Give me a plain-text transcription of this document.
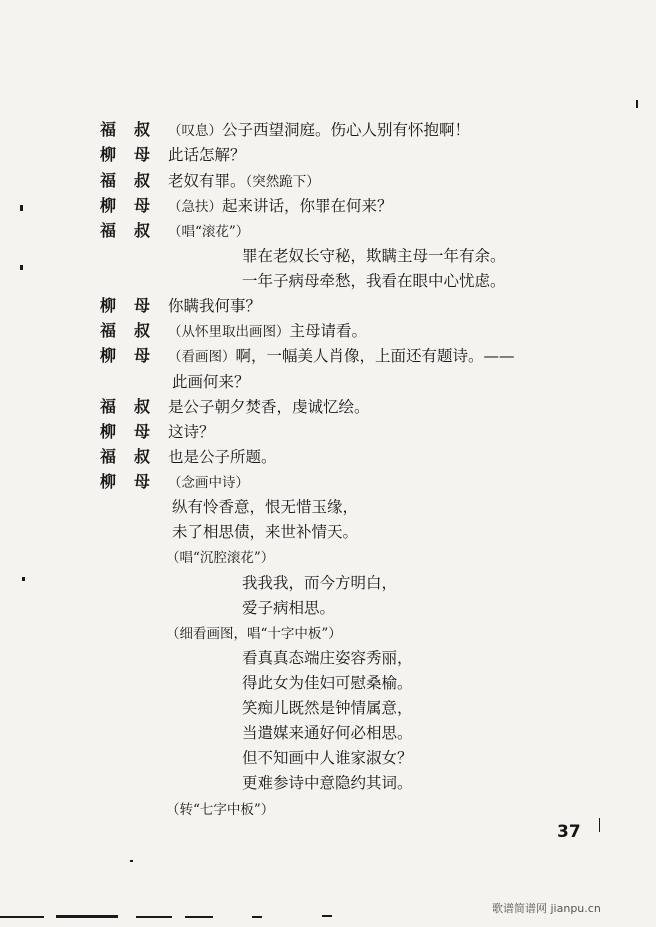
福 叔 （叹息）公子西望洞庭。伤心人别有怀抱啊！
柳 母 此话怎解？
福 叔 老奴有罪。（突然跪下）
柳 母 （急扶）起来讲话，你罪在何来？
福 叔 （唱“滚花”）
罪在老奴长守秘，欺瞒主母一年有余。
一年子病母牵愁，我看在眼中心忧虑。
柳 母 你瞒我何事？
福 叔 （从怀里取出画图）主母请看。
柳 母 （看画图）啊，一幅美人肖像，上面还有题诗。——
此画何来？
福 叔 是公子朝夕焚香，虔诚忆绘。
柳 母 这诗？
福 叔 也是公子所题。
柳 母 （念画中诗）
纵有怜香意，恨无惜玉缘，
未了相思债，来世补情天。
（唱“沉腔滚花”）
我我我，而今方明白，
爱子病相思。
（细看画图，唱“十字中板”）
看真真态端庄姿容秀丽，
得此女为佳妇可慰桑榆。
笑痴儿既然是钟情属意，
当遣媒来通好何必相思。
但不知画中人谁家淑女？
更难参诗中意隐约其词。
（转“七字中板”）
37
歌谱简谱网 jianpu.cn
